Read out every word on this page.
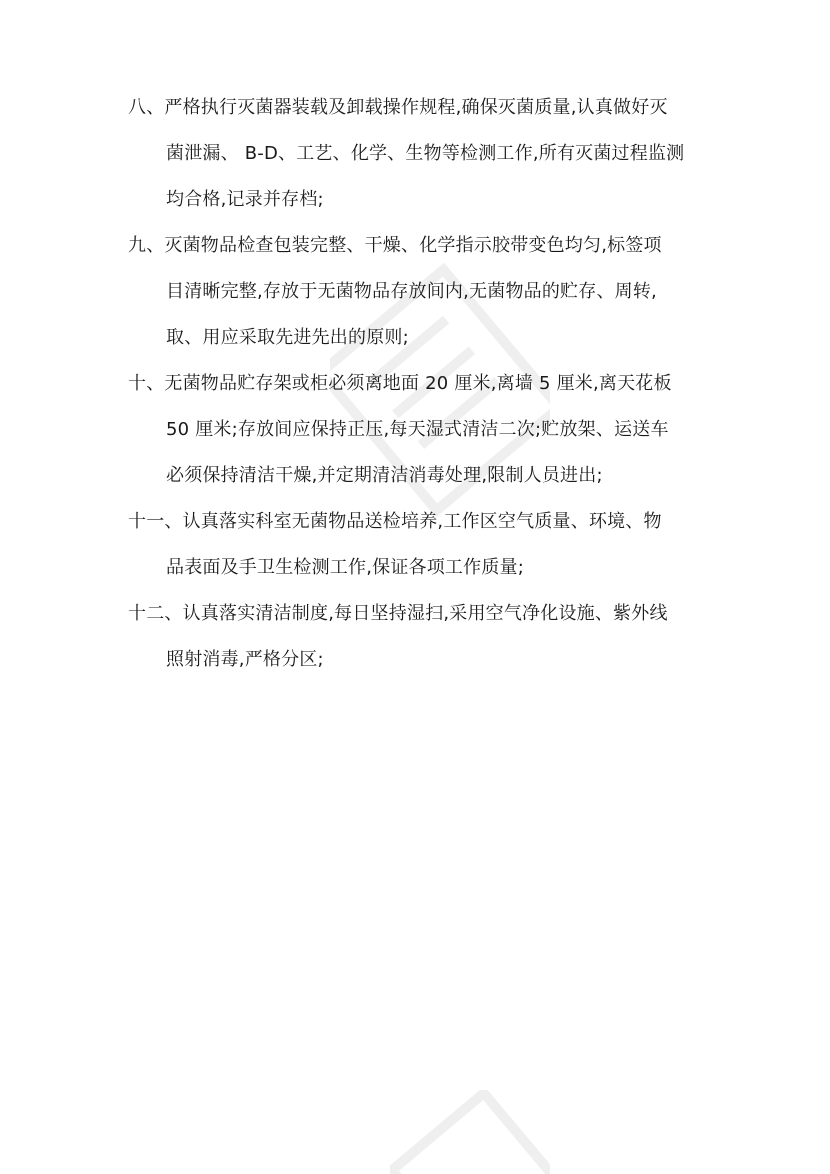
八、严格执行灭菌器装载及卸载操作规程,确保灭菌质量,认真做好灭
菌泄漏、 B-D、工艺、化学、生物等检测工作,所有灭菌过程监测
均合格,记录并存档;
九、灭菌物品检查包装完整、干燥、化学指示胶带变色均匀,标签项
目清晰完整,存放于无菌物品存放间内,无菌物品的贮存、周转,
取、用应采取先进先出的原则;
十、无菌物品贮存架或柜必须离地面 20 厘米,离墙 5 厘米,离天花板
50 厘米;存放间应保持正压,每天湿式清洁二次;贮放架、运送车
必须保持清洁干燥,并定期清洁消毒处理,限制人员进出;
十一、认真落实科室无菌物品送检培养,工作区空气质量、环境、物
品表面及手卫生检测工作,保证各项工作质量;
十二、认真落实清洁制度,每日坚持湿扫,采用空气净化设施、紫外线
照射消毒,严格分区;
